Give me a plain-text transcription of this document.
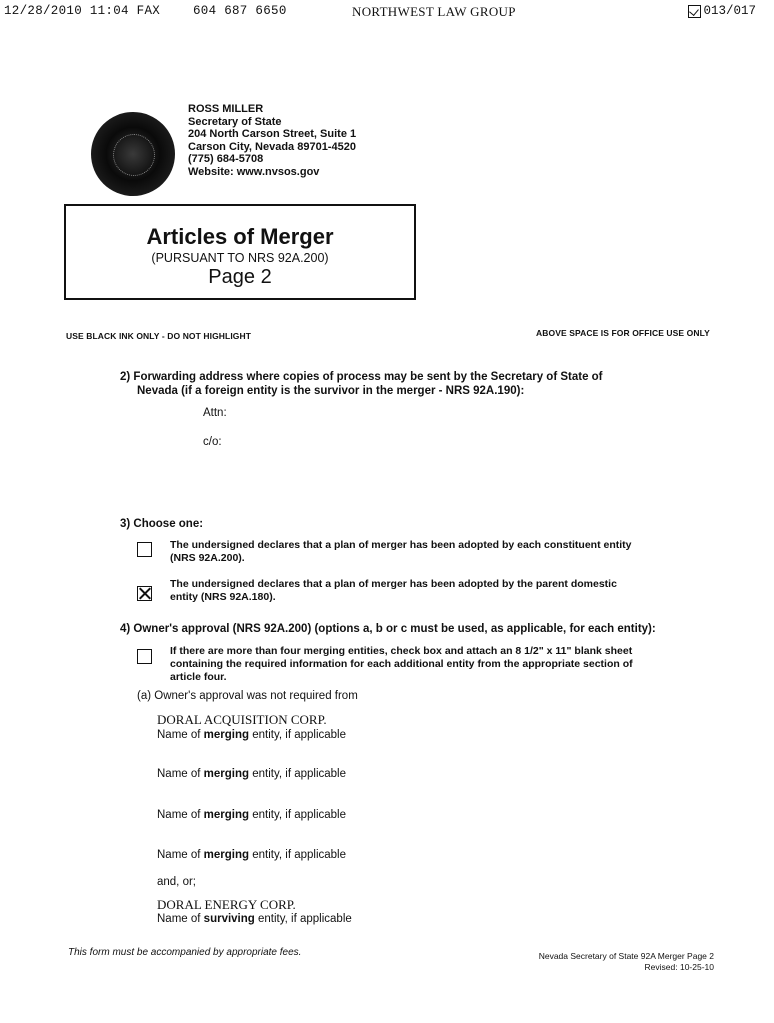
12/28/2010 11:04 FAX	604 687 6650	NORTHWEST LAW GROUP	013/017
ROSS MILLER
Secretary of State
204 North Carson Street, Suite 1
Carson City, Nevada 89701-4520
(775) 684-5708
Website: www.nvsos.gov
Articles of Merger
(PURSUANT TO NRS 92A.200)
Page 2
USE BLACK INK ONLY - DO NOT HIGHLIGHT	ABOVE SPACE IS FOR OFFICE USE ONLY
2) Forwarding address where copies of process may be sent by the Secretary of State of
Nevada (if a foreign entity is the survivor in the merger - NRS 92A.190):
Attn:
c/o:
3) Choose one:
The undersigned declares that a plan of merger has been adopted by each constituent entity
(NRS 92A.200).
The undersigned declares that a plan of merger has been adopted by the parent domestic
entity (NRS 92A.180).
4) Owner's approval (NRS 92A.200) (options a, b or c must be used, as applicable, for each entity):
If there are more than four merging entities, check box and attach an 8 1/2" x 11" blank sheet
containing the required information for each additional entity from the appropriate section of
article four.
(a) Owner's approval was not required from
DORAL ACQUISITION CORP.
Name of merging entity, if applicable
Name of merging entity, if applicable
Name of merging entity, if applicable
Name of merging entity, if applicable
and, or;
DORAL ENERGY CORP.
Name of surviving entity, if applicable
This form must be accompanied by appropriate fees.	Nevada Secretary of State 92A Merger Page 2
Revised: 10-25-10
